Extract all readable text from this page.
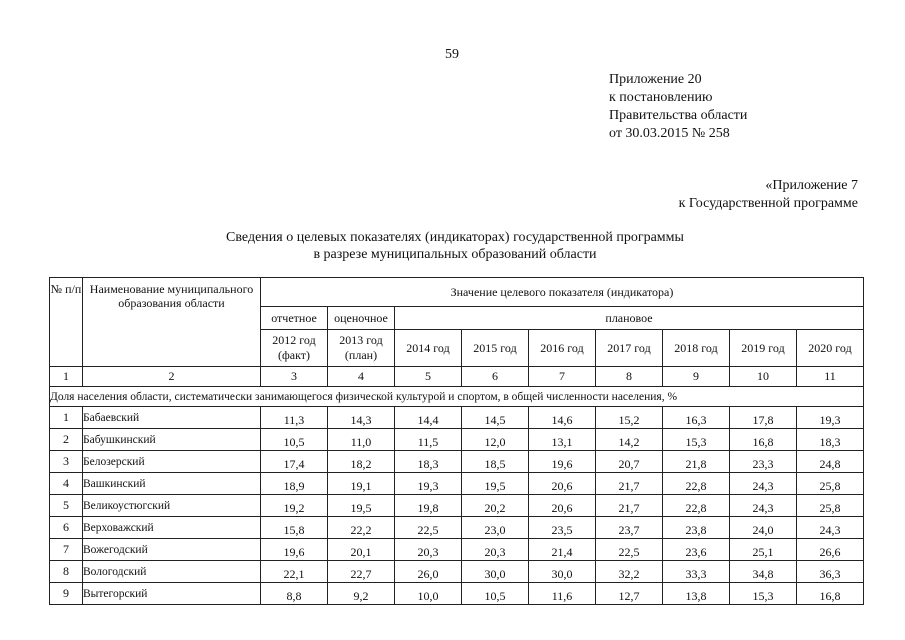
59
Приложение 20
к постановлению
Правительства области
от 30.03.2015 № 258
«Приложение 7
к Государственной программе
Сведения о целевых показателях (индикаторах) государственной программы
в разрезе муниципальных образований области
№ п/п	Наименование муниципального образования области	Значение целевого показателя (индикатора)								
		отчетное	оценочное	плановое						
		2012 год (факт)	2013 год (план)	2014 год	2015 год	2016 год	2017 год	2018 год	2019 год	2020 год
1	2	3	4	5	6	7	8	9	10	11
Доля населения области, систематически занимающегося физической культурой и спортом, в общей численности населения, %										
1	Бабаевский	11,3	14,3	14,4	14,5	14,6	15,2	16,3	17,8	19,3
2	Бабушкинский	10,5	11,0	11,5	12,0	13,1	14,2	15,3	16,8	18,3
3	Белозерский	17,4	18,2	18,3	18,5	19,6	20,7	21,8	23,3	24,8
4	Вашкинский	18,9	19,1	19,3	19,5	20,6	21,7	22,8	24,3	25,8
5	Великоустюгский	19,2	19,5	19,8	20,2	20,6	21,7	22,8	24,3	25,8
6	Верховажский	15,8	22,2	22,5	23,0	23,5	23,7	23,8	24,0	24,3
7	Вожегодский	19,6	20,1	20,3	20,3	21,4	22,5	23,6	25,1	26,6
8	Вологодский	22,1	22,7	26,0	30,0	30,0	32,2	33,3	34,8	36,3
9	Вытегорский	8,8	9,2	10,0	10,5	11,6	12,7	13,8	15,3	16,8
